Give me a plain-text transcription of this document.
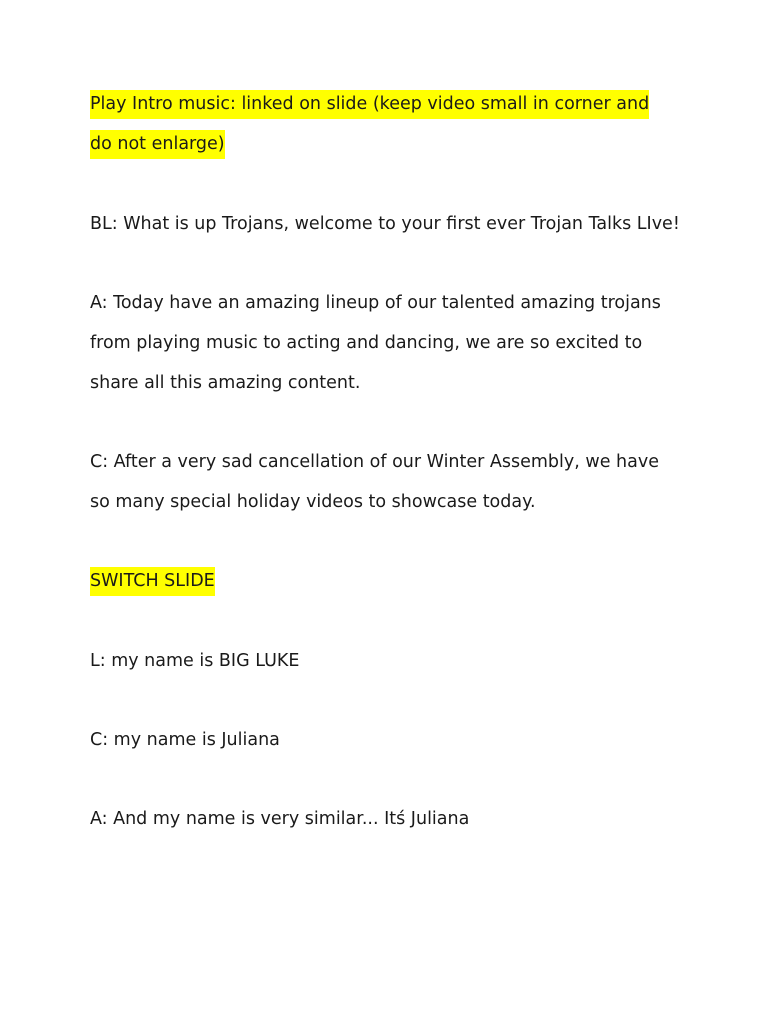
Play Intro music: linked on slide (keep video small in corner and do not enlarge)

BL: What is up Trojans, welcome to your first ever Trojan Talks LIve!

A: Today have an amazing lineup of our talented amazing trojans from playing music to acting and dancing, we are so excited to share all this amazing content.

C: After a very sad cancellation of our Winter Assembly, we have so many special holiday videos to showcase today.

SWITCH SLIDE

L: my name is BIG LUKE

C: my name is Juliana

A: And my name is very similar... Itś Juliana
